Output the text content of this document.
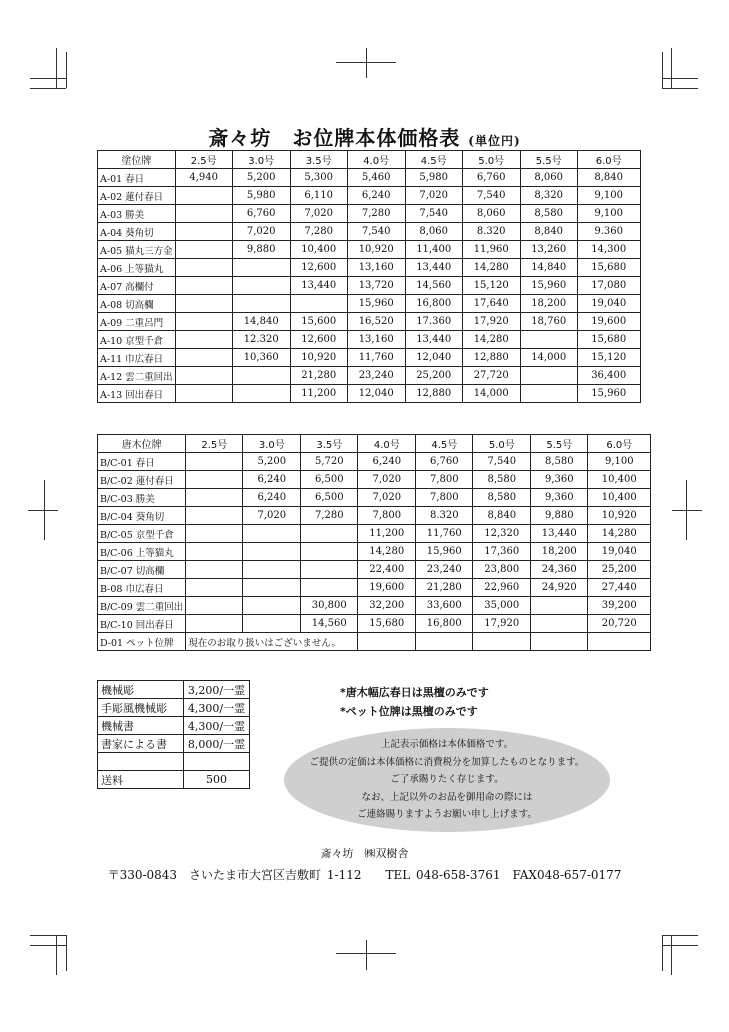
斎々坊　お位牌本体価格表 (単位円)
塗位牌	2.5号	3.0号	3.5号	4.0号	4.5号	5.0号	5.5号	6.0号
A-01 春日	4,940	5,200	5,300	5,460	5,980	6,760	8,060	8,840
A-02 蓮付春日		5,980	6,110	6,240	7,020	7,540	8,320	9,100
A-03 勝美		6,760	7,020	7,280	7,540	8,060	8,580	9,100
A-04 葵角切		7,020	7,280	7,540	8,060	8.320	8,840	9.360
A-05 猫丸三方金		9,880	10,400	10,920	11,400	11,960	13,260	14,300
A-06 上等猫丸			12,600	13,160	13,440	14,280	14,840	15,680
A-07 高欄付			13,440	13,720	14,560	15,120	15,960	17,080
A-08 切高欄				15,960	16,800	17,640	18,200	19,040
A-09 二重呂門		14,840	15,600	16,520	17.360	17,920	18,760	19,600
A-10 京型千倉		12.320	12,600	13,160	13,440	14,280		15,680
A-11 巾広春日		10,360	10,920	11,760	12,040	12,880	14,000	15,120
A-12 雲二重回出			21,280	23,240	25,200	27,720		36,400
A-13 回出春日			11,200	12,040	12,880	14,000		15,960
唐木位牌	2.5号	3.0号	3.5号	4.0号	4.5号	5.0号	5.5号	6.0号
B/C-01 春日		5,200	5,720	6,240	6,760	7,540	8,580	9,100
B/C-02 蓮付春日		6,240	6,500	7,020	7,800	8,580	9,360	10,400
B/C-03 勝美		6,240	6,500	7,020	7,800	8,580	9,360	10,400
B/C-04 葵角切		7,020	7,280	7,800	8.320	8,840	9,880	10,920
B/C-05 京型千倉				11,200	11,760	12,320	13,440	14,280
B/C-06 上等猫丸				14,280	15,960	17,360	18,200	19,040
B/C-07 切高欄				22,400	23,240	23,800	24,360	25,200
B-08 巾広春日				19,600	21,280	22,960	24,920	27,440
B/C-09 雲二重回出			30,800	32,200	33,600	35,000		39,200
B/C-10 回出春日			14,560	15,680	16,800	17,920		20,720
D-01 ペット位牌	現在のお取り扱いはございません。							
機械彫	3,200/一霊
手彫風機械彫	4,300/一霊
機械書	4,300/一霊
書家による書	8,000/一霊

送料	500
*唐木幅広春日は黒檀のみです
*ペット位牌は黒檀のみです
上記表示価格は本体価格です。
ご提供の定価は本体価格に消費税分を加算したものとなります。
ご了承賜りたく存じます。
なお、上記以外のお品を御用命の際には
ご連絡賜りますようお願い申し上げます。
斎々坊　㈱双樹舎
〒330-0843　さいたま市大宮区吉敷町 1-112　　TEL 048-658-3761　FAX048-657-0177
